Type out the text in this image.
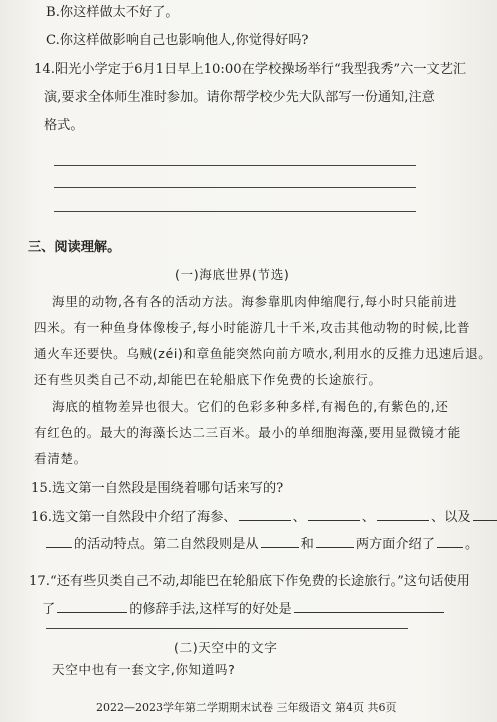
B.你这样做太不好了。
C.你这样做影响自己也影响他人,你觉得好吗?
14.阳光小学定于6月1日早上10:00在学校操场举行“我型我秀”六一文艺汇
演,要求全体师生准时参加。请你帮学校少先大队部写一份通知,注意
格式。
三、阅读理解。
(一)海底世界(节选)
海里的动物,各有各的活动方法。海参靠肌肉伸缩爬行,每小时只能前进
四米。有一种鱼身体像梭子,每小时能游几十千米,攻击其他动物的时候,比普
通火车还要快。乌贼(zéi)和章鱼能突然向前方喷水,利用水的反推力迅速后退。
还有些贝类自己不动,却能巴在轮船底下作免费的长途旅行。
海底的植物差异也很大。它们的色彩多种多样,有褐色的,有紫色的,还
有红色的。最大的海藻长达二三百米。最小的单细胞海藻,要用显微镜才能
看清楚。
15.选文第一自然段是围绕着哪句话来写的?
16.选文第一自然段中介绍了海参、	、	、	、以及
的活动特点。第二自然段则是从	和	两方面介绍了 。
17.“还有些贝类自己不动,却能巴在轮船底下作免费的长途旅行。”这句话使用
了	的修辞手法,这样写的好处是
(二)天空中的文字
天空中也有一套文字,你知道吗?
2022—2023学年第二学期期末试卷 三年级语文 第4页 共6页
